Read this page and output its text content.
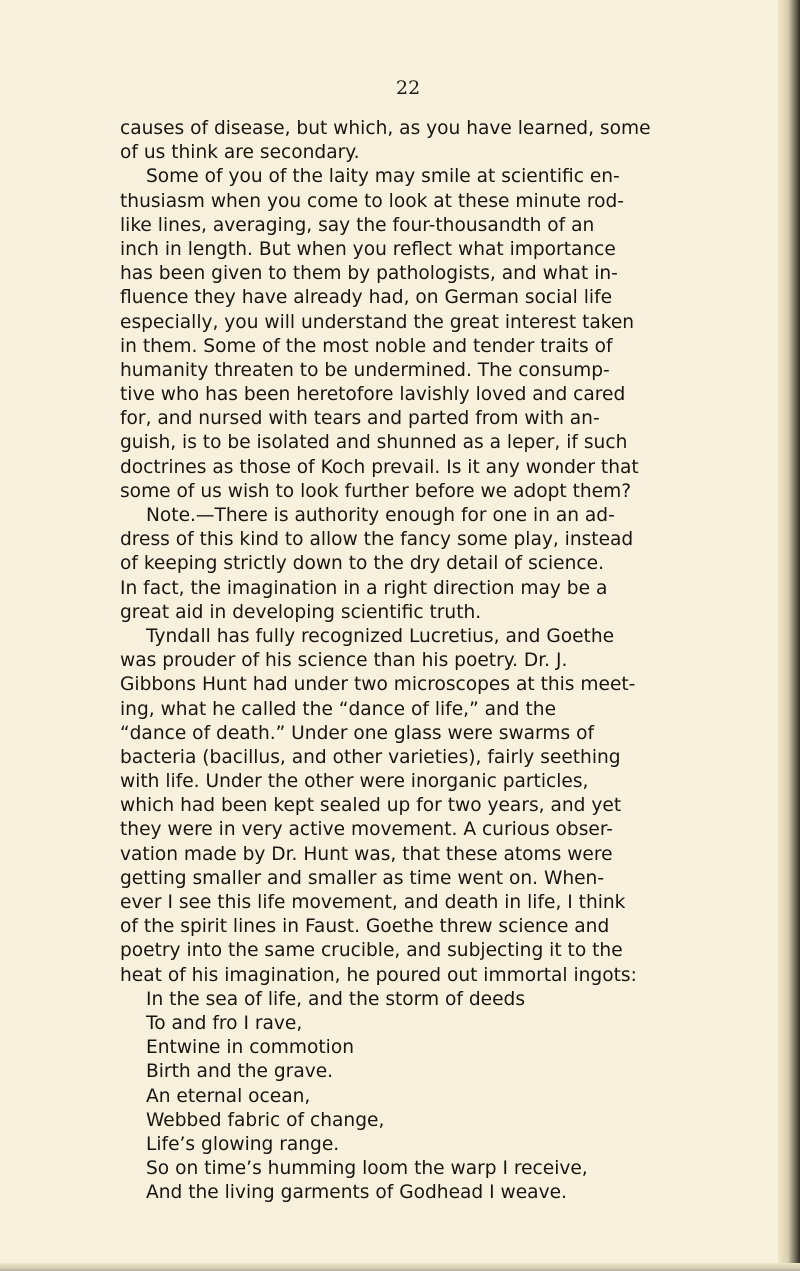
22
causes of disease, but which, as you have learned, some
of us think are secondary.
Some of you of the laity may smile at scientific en-
thusiasm when you come to look at these minute rod-
like lines, averaging, say the four-thousandth of an
inch in length. But when you reflect what importance
has been given to them by pathologists, and what in-
fluence they have already had, on German social life
especially, you will understand the great interest taken
in them. Some of the most noble and tender traits of
humanity threaten to be undermined. The consump-
tive who has been heretofore lavishly loved and cared
for, and nursed with tears and parted from with an-
guish, is to be isolated and shunned as a leper, if such
doctrines as those of Koch prevail. Is it any wonder that
some of us wish to look further before we adopt them?
Note.—There is authority enough for one in an ad-
dress of this kind to allow the fancy some play, instead
of keeping strictly down to the dry detail of science.
In fact, the imagination in a right direction may be a
great aid in developing scientific truth.
Tyndall has fully recognized Lucretius, and Goethe
was prouder of his science than his poetry. Dr. J.
Gibbons Hunt had under two microscopes at this meet-
ing, what he called the “dance of life,” and the
“dance of death.” Under one glass were swarms of
bacteria (bacillus, and other varieties), fairly seething
with life. Under the other were inorganic particles,
which had been kept sealed up for two years, and yet
they were in very active movement. A curious obser-
vation made by Dr. Hunt was, that these atoms were
getting smaller and smaller as time went on. When-
ever I see this life movement, and death in life, I think
of the spirit lines in Faust. Goethe threw science and
poetry into the same crucible, and subjecting it to the
heat of his imagination, he poured out immortal ingots:
In the sea of life, and the storm of deeds
To and fro I rave,
Entwine in commotion
Birth and the grave.
An eternal ocean,
Webbed fabric of change,
Life’s glowing range.
So on time’s humming loom the warp I receive,
And the living garments of Godhead I weave.
